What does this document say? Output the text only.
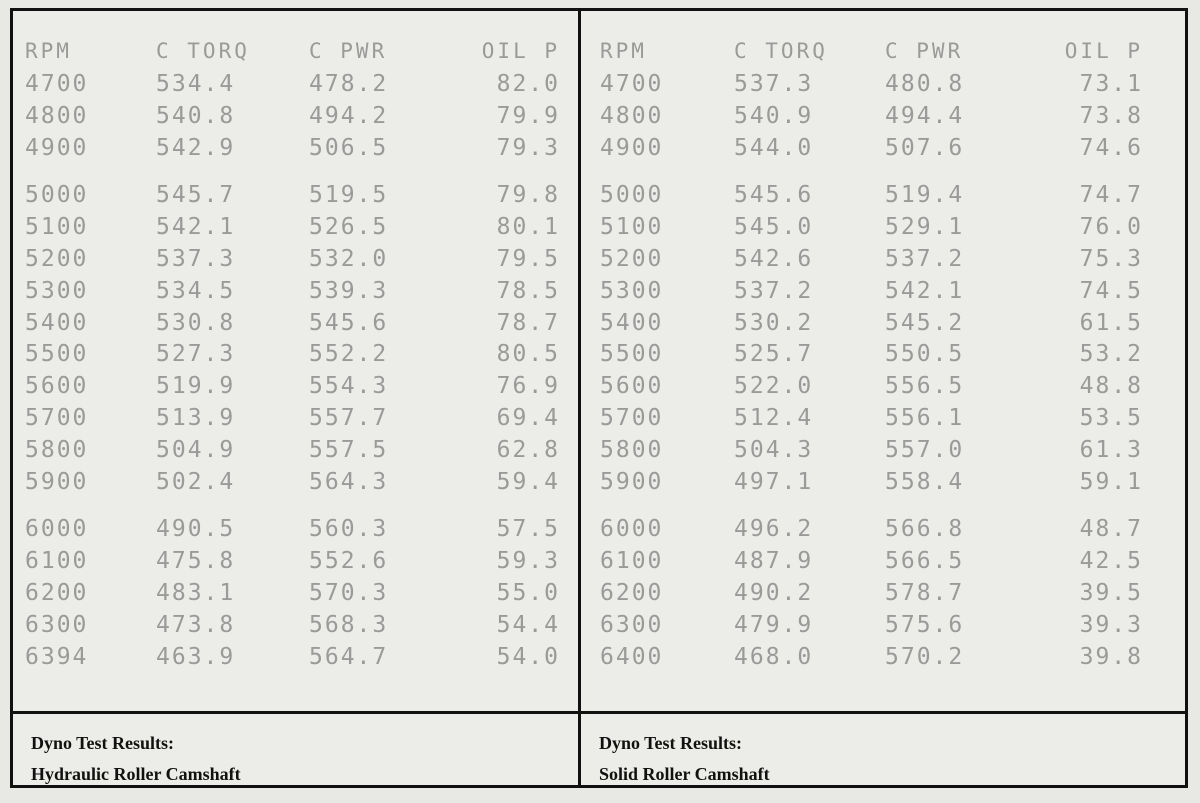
RPM	C TORQ	C PWR	OIL P
4700	534.4	478.2	82.0
4800	540.8	494.2	79.9
4900	542.9	506.5	79.3
5000	545.7	519.5	79.8
5100	542.1	526.5	80.1
5200	537.3	532.0	79.5
5300	534.5	539.3	78.5
5400	530.8	545.6	78.7
5500	527.3	552.2	80.5
5600	519.9	554.3	76.9
5700	513.9	557.7	69.4
5800	504.9	557.5	62.8
5900	502.4	564.3	59.4
6000	490.5	560.3	57.5
6100	475.8	552.6	59.3
6200	483.1	570.3	55.0
6300	473.8	568.3	54.4
6394	463.9	564.7	54.0
RPM	C TORQ	C PWR	OIL P
4700	537.3	480.8	73.1
4800	540.9	494.4	73.8
4900	544.0	507.6	74.6
5000	545.6	519.4	74.7
5100	545.0	529.1	76.0
5200	542.6	537.2	75.3
5300	537.2	542.1	74.5
5400	530.2	545.2	61.5
5500	525.7	550.5	53.2
5600	522.0	556.5	48.8
5700	512.4	556.1	53.5
5800	504.3	557.0	61.3
5900	497.1	558.4	59.1
6000	496.2	566.8	48.7
6100	487.9	566.5	42.5
6200	490.2	578.7	39.5
6300	479.9	575.6	39.3
6400	468.0	570.2	39.8
Dyno Test Results:
Hydraulic Roller Camshaft
Dyno Test Results:
Solid Roller Camshaft
